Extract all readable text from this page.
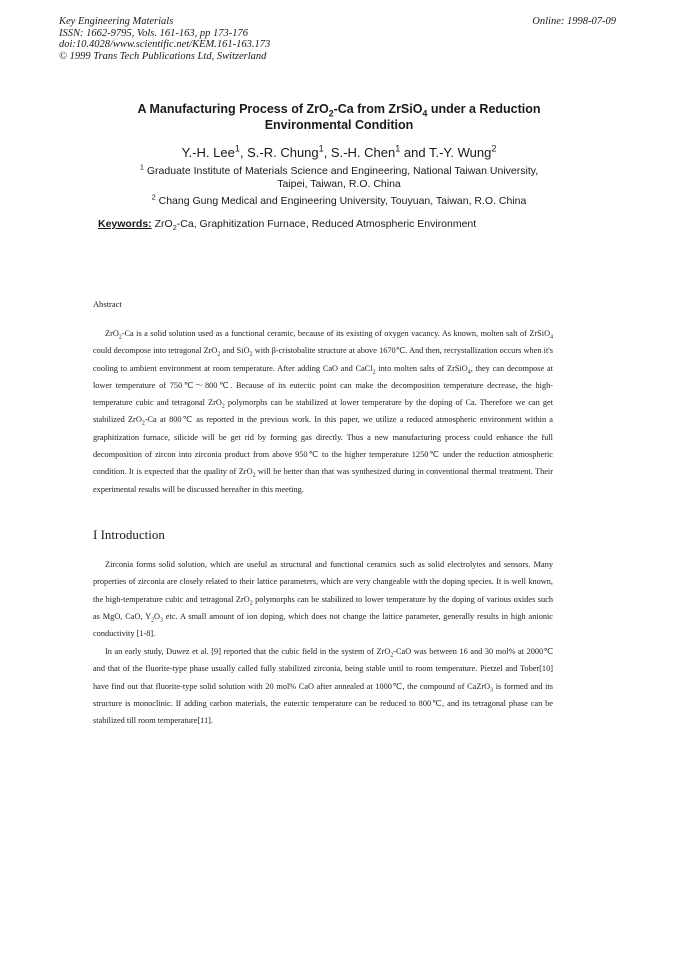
Key Engineering Materials
ISSN: 1662-9795, Vols. 161-163, pp 173-176
doi:10.4028/www.scientific.net/KEM.161-163.173
© 1999 Trans Tech Publications Ltd, Switzerland
Online: 1998-07-09
A Manufacturing Process of ZrO$_2$-Ca from ZrSiO$_4$ under a Reduction
Environmental Condition
Y.-H. Lee$^1$, S.-R. Chung$^1$, S.-H. Chen$^1$ and T.-Y. Wung$^2$
$^1$ Graduate Institute of Materials Science and Engineering, National Taiwan University,
Taipei, Taiwan, R.O. China
$^2$ Chang Gung Medical and Engineering University, Touyuan, Taiwan, R.O. China
Keywords: ZrO$_2$-Ca, Graphitization Furnace, Reduced Atmospheric Environment
Abstract
ZrO$_2$-Ca is a solid solution used as a functional ceramic, because of its existing of oxygen vacancy. As known, molten salt of ZrSiO$_4$ could decompose into tetragonal ZrO$_2$ and SiO$_2$ with β-cristobalite structure at above 1670℃. And then, recrystallization occurs when it's cooling to ambient environment at room temperature. After adding CaO and CaCl$_2$ into molten salts of ZrSiO$_4$, they can decompose at lower temperature of 750℃～800℃. Because of its eutectic point can make the decomposition temperature decrease, the high-temperature cubic and tetragonal ZrO$_2$ polymorphs can be stabilized at lower temperature by the doping of Ca. Therefore we can get stabilized ZrO$_2$-Ca at 800℃ as reported in the previous work. In this paper, we utilize a reduced atmospheric environment within a graphitization furnace, silicide will be get rid by forming gas directly. Thus a new manufacturing process could enhance the full decomposition of zircon into zirconia product from above 950℃ to the higher temperature 1250℃ under the reduction atmospheric condition. It is expected that the quality of ZrO$_2$ will be better than that was synthesized during in conventional thermal treatment. Their experimental results will be discussed hereafter in this meeting.
I Introduction
Zirconia forms solid solution, which are useful as structural and functional ceramics such as solid electrolytes and sensors. Many properties of zirconia are closely related to their lattice parameters, which are very changeable with the doping species. It is well known, the high-temperature cubic and tetragonal ZrO$_2$ polymorphs can be stabilized to lower temperature by the doping of various oxides such as MgO, CaO, $Y_2O_3$ etc. A small amount of ion doping, which does not change the lattice parameter, generally results in high anionic conductivity [1-8].
In an early study, Duwez et al. [9] reported that the cubic field in the system of ZrO$_2$-CaO was between 16 and 30 mol% at 2000℃ and that of the fluorite-type phase usually called fully stabilized zirconia, being stable until to room temperature. Pietzel and Tober[10] have find out that fluorite-type solid solution with 20 mol% CaO after annealed at 1000℃, the compound of CaZrO$_3$ is formed and its structure is monoclinic. If adding carbon materials, the eutectic temperature can be reduced to 800℃, and its tetragonal phase can be stabilized till room temperature[11].
